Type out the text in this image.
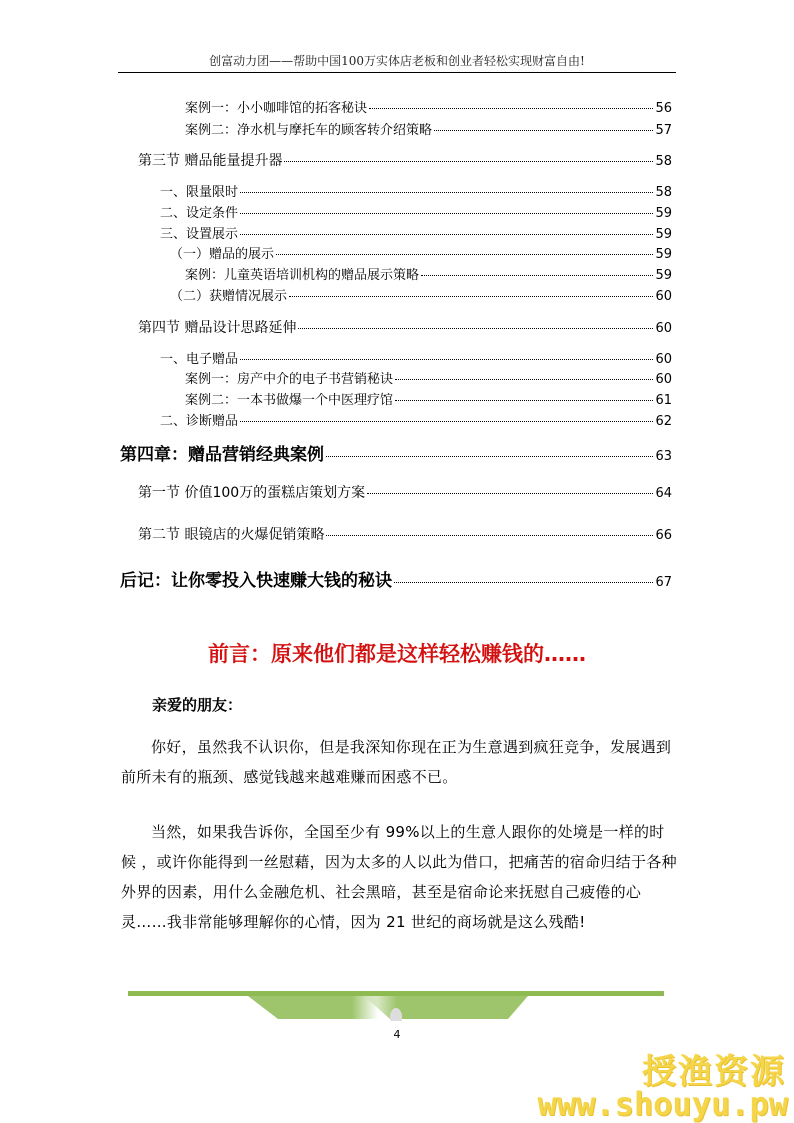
创富动力团——帮助中国100万实体店老板和创业者轻松实现财富自由!
案例一：小小咖啡馆的拓客秘诀	56
案例二：净水机与摩托车的顾客转介绍策略	57
第三节 赠品能量提升器	58
一、限量限时	58
二、设定条件	59
三、设置展示	59
（一）赠品的展示	59
案例：儿童英语培训机构的赠品展示策略	59
（二）获赠情况展示	60
第四节 赠品设计思路延伸	60
一、电子赠品	60
案例一：房产中介的电子书营销秘诀	60
案例二：一本书做爆一个中医理疗馆	61
二、诊断赠品	62
第四章：赠品营销经典案例	63
第一节 价值100万的蛋糕店策划方案	64
第二节 眼镜店的火爆促销策略	66
后记：让你零投入快速赚大钱的秘诀	67
前言：原来他们都是这样轻松赚钱的……
亲爱的朋友：

你好，虽然我不认识你，但是我深知你现在正为生意遇到疯狂竞争，发展遇到前所未有的瓶颈、感觉钱越来越难赚而困惑不已。

当然，如果我告诉你，全国至少有 99%以上的生意人跟你的处境是一样的时候 ，或许你能得到一丝慰藉，因为太多的人以此为借口，把痛苦的宿命归结于各种外界的因素，用什么金融危机、社会黑暗，甚至是宿命论来抚慰自己疲倦的心灵……我非常能够理解你的心情，因为 21 世纪的商场就是这么残酷!

4
授渔资源
www.shouyu.pw
